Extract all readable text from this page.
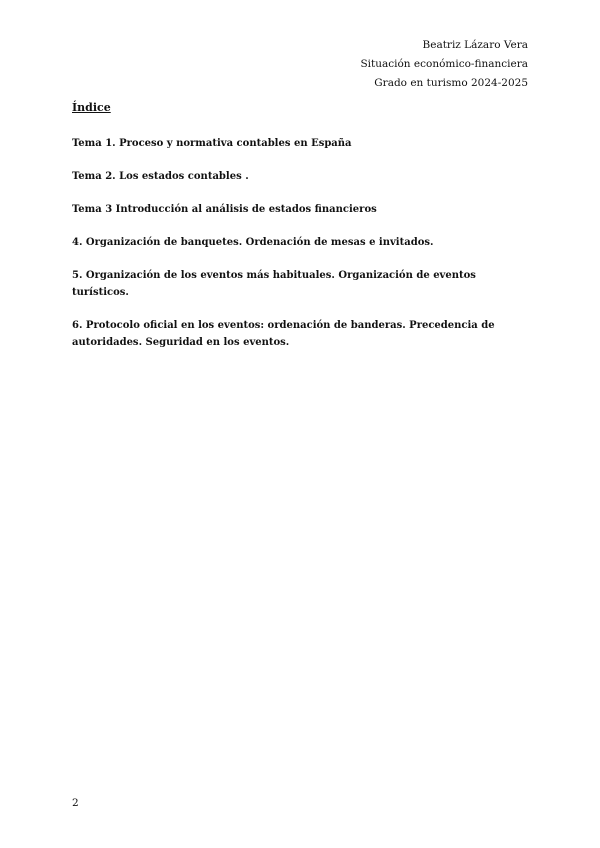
Beatriz Lázaro Vera
Situación económico-financiera
Grado en turismo 2024-2025
Índice
Tema 1. Proceso y normativa contables en España
Tema 2. Los estados contables .
Tema 3 Introducción al análisis de estados financieros
4. Organización de banquetes. Ordenación de mesas e invitados.
5. Organización de los eventos más habituales. Organización de eventos turísticos.
6. Protocolo oficial en los eventos: ordenación de banderas. Precedencia de autoridades. Seguridad en los eventos.
2
